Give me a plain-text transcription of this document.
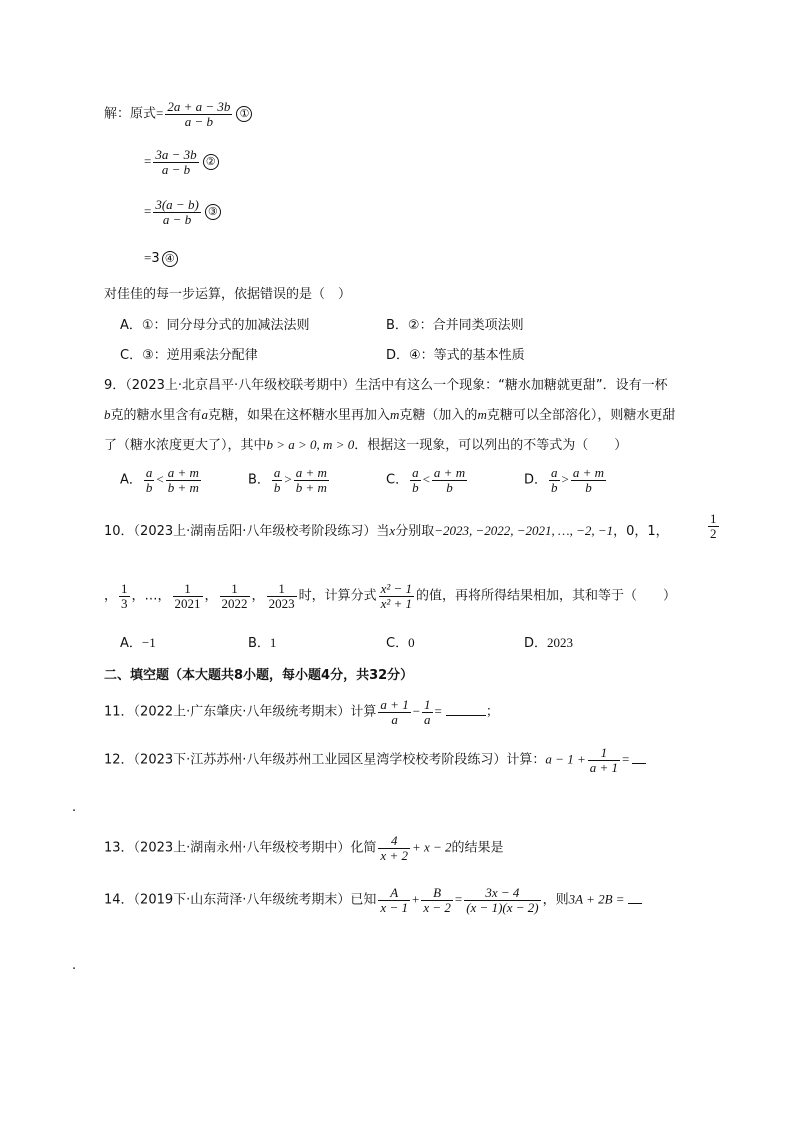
解：原式= $\frac{2a + a - 3b}{a - b}$ ①
= $\frac{3a - 3b}{a - b}$ ②
= $\frac{3(a - b)}{a - b}$ ③
=3 ④
对佳佳的每一步运算，依据错误的是（　）
A．①：同分母分式的加减法法则	B．②：合并同类项法则
C．③：逆用乘法分配律	D．④：等式的基本性质
9．（2023上·北京昌平·八年级校联考期中）生活中有这么一个现象：“糖水加糖就更甜”．设有一杯
b克的糖水里含有a克糖，如果在这杯糖水里再加入m克糖（加入的m克糖可以全部溶化），则糖水更甜
了（糖水浓度更大了），其中b > a > 0, m > 0．根据这一现象，可以列出的不等式为（　　）
A． $\frac{a}{b} < \frac{a + m}{b + m}$	B． $\frac{a}{b} > \frac{a + m}{b + m}$	C． $\frac{a}{b} < \frac{a + m}{b}$	D． $\frac{a}{b} > \frac{a + m}{b}$
10．（2023上·湖南岳阳·八年级校考阶段练习）当x分别取−2023, −2022, −2021, …, −2, −1，0，1，	$\frac{1}{2}$
， $\frac{1}{3}$ ，…， $\frac{1}{2021}$ ， $\frac{1}{2022}$ ， $\frac{1}{2023}$ 时，计算分式 $\frac{\text{x² − 1}}{\text{x² + 1}}$ 的值，再将所得结果相加，其和等于（　　）
A．−1	B．1	C．0	D．2023
二、填空题（本大题共8小题，每小题4分，共32分）
11．（2022上·广东肇庆·八年级统考期末）计算 $\frac{a + 1}{a} - \frac{1}{a}$ =	；
12．（2023下·江苏苏州·八年级苏州工业园区星湾学校校考阶段练习）计算：$a - 1 + \frac{1}{a + 1}$ =
.
13．（2023上·湖南永州·八年级校考期中）化简 $\frac{4}{x + 2} + x - 2$的结果是
14．（2019下·山东菏泽·八年级统考期末）已知 $\frac{A}{x - 1} + \frac{B}{x - 2} = \frac{3x - 4}{(x - 1)(x - 2)}$ ，则3A + 2B =
.
